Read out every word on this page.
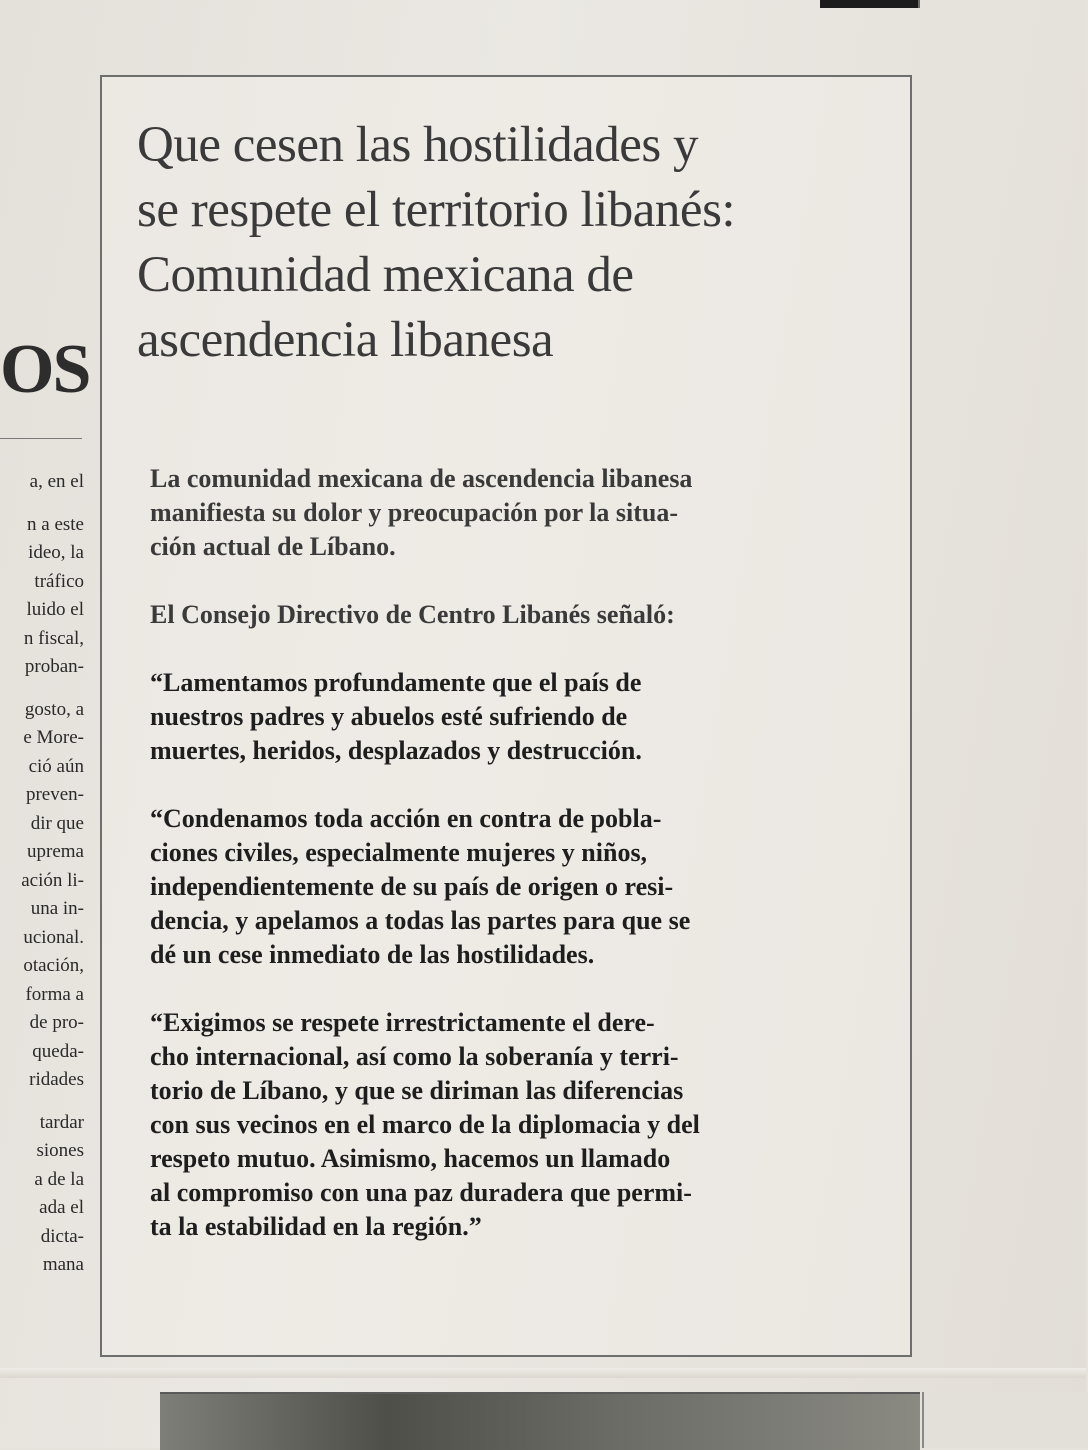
OS
a, en el
n a este
ideo, la
tráfico
luido el
n fiscal,
proban-
gosto, a
e More-
ció aún
preven-
dir que
uprema
ación li-
una in-
ucional.
otación,
forma a
de pro-
queda-
ridades
tardar
siones
a de la
ada el
dicta-
mana
Que cesen las hostilidades y
se respete el territorio libanés:
Comunidad mexicana de
ascendencia libanesa
La comunidad mexicana de ascendencia libanesa
manifiesta su dolor y preocupación por la situa-
ción actual de Líbano.
El Consejo Directivo de Centro Libanés señaló:
“Lamentamos profundamente que el país de
nuestros padres y abuelos esté sufriendo de
muertes, heridos, desplazados y destrucción.
“Condenamos toda acción en contra de pobla-
ciones civiles, especialmente mujeres y niños,
independientemente de su país de origen o resi-
dencia, y apelamos a todas las partes para que se
dé un cese inmediato de las hostilidades.
“Exigimos se respete irrestrictamente el dere-
cho internacional, así como la soberanía y terri-
torio de Líbano, y que se diriman las diferencias
con sus vecinos en el marco de la diplomacia y del
respeto mutuo. Asimismo, hacemos un llamado
al compromiso con una paz duradera que permi-
ta la estabilidad en la región.”
